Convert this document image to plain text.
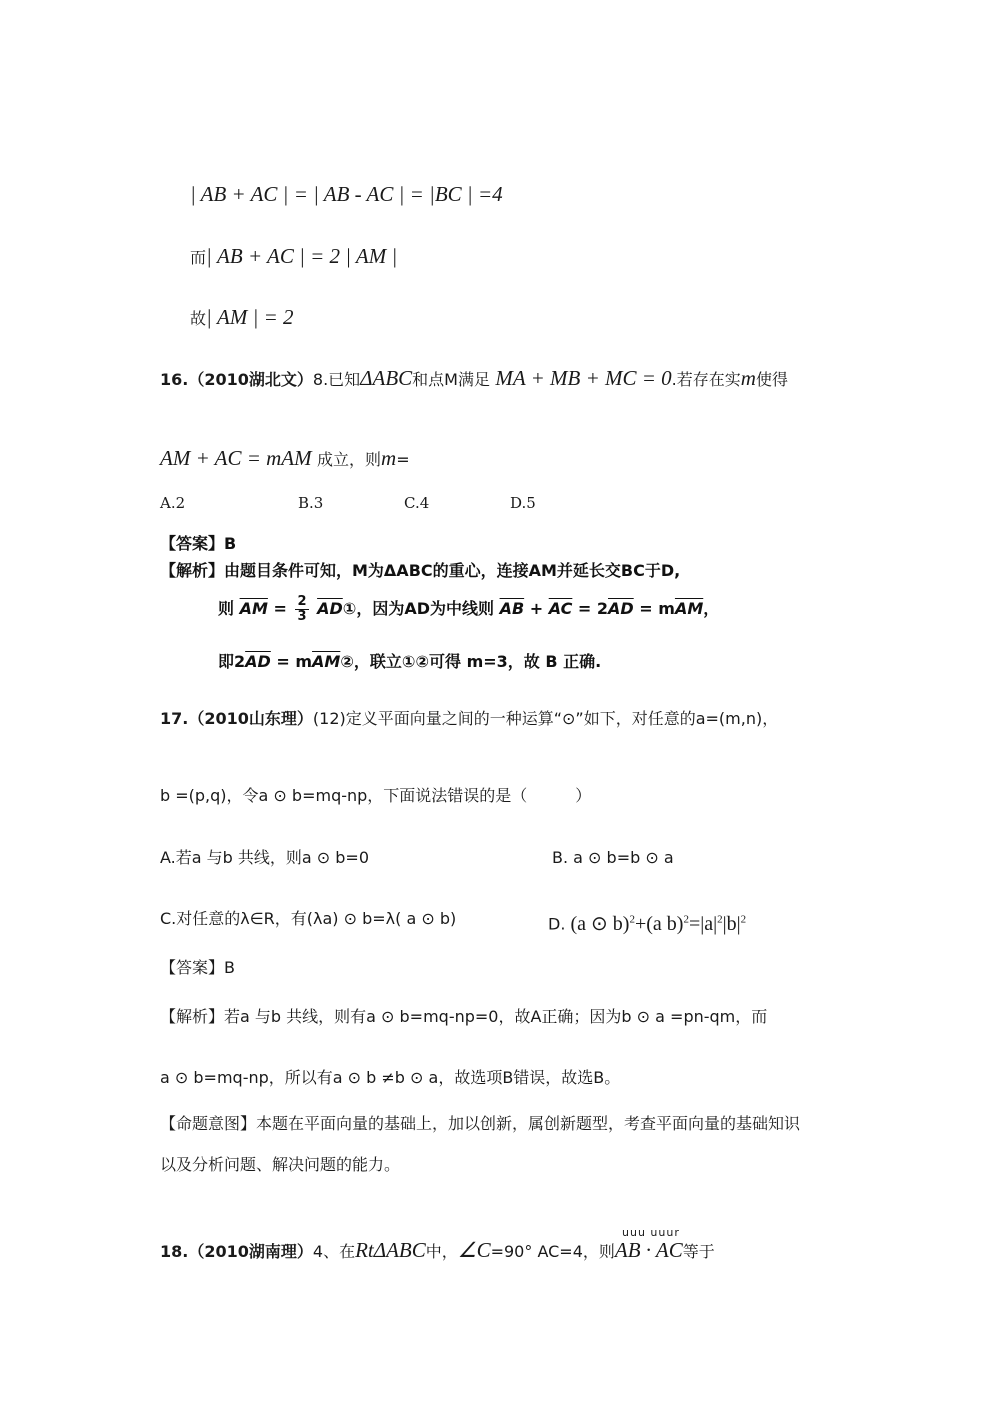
| AB + AC | = | AB - AC | = |BC | =4
而| AB + AC | = 2 | AM |
故| AM | = 2
16.（2010湖北文）8.已知ΔABC和点M满足 MA + MB + MC = 0.若存在实m使得
AM + AC = mAM 成立，则m=
A.2	B.3	C.4	D.5
【答案】B
【解析】由题目条件可知，M为ΔABC的重心，连接AM并延长交BC于D,
则 $\overline{AM} = \frac{2}{3}$ $\overline{AD}①$，因为AD为中线则 $\overline{AB} + \overline{AC} = 2\overline{AD} = m\overline{AM}$，
即$2\overline{AD}$ = $m\overline{AM}②$，联立①②可得 m=3，故 B 正确.
17.（2010山东理）(12)定义平面向量之间的一种运算“⊙”如下，对任意的a=(m,n)，
b =(p,q)，令a ⊙ b=mq-np，下面说法错误的是（　　　）
A.若a 与b 共线，则a ⊙ b=0	B. a ⊙ b=b ⊙ a
C.对任意的λ∈R，有(λa) ⊙ b=λ( a ⊙ b)	D. (a ⊙ b)$^2$+(a $b)^2=|a|^2|b|^2$
【答案】B
【解析】若a 与b 共线，则有a ⊙ b=mq-np=0，故A正确；因为b ⊙ a =pn-qm，而
a ⊙ b=mq-np，所以有a ⊙ b ≠b ⊙ a，故选项B错误，故选B。
【命题意图】本题在平面向量的基础上，加以创新，属创新题型，考查平面向量的基础知识
以及分析问题、解决问题的能力。
uuu uuur
18.（2010湖南理）4、在RtΔABC中，∠C=90° AC=4，则AB · AC等于
